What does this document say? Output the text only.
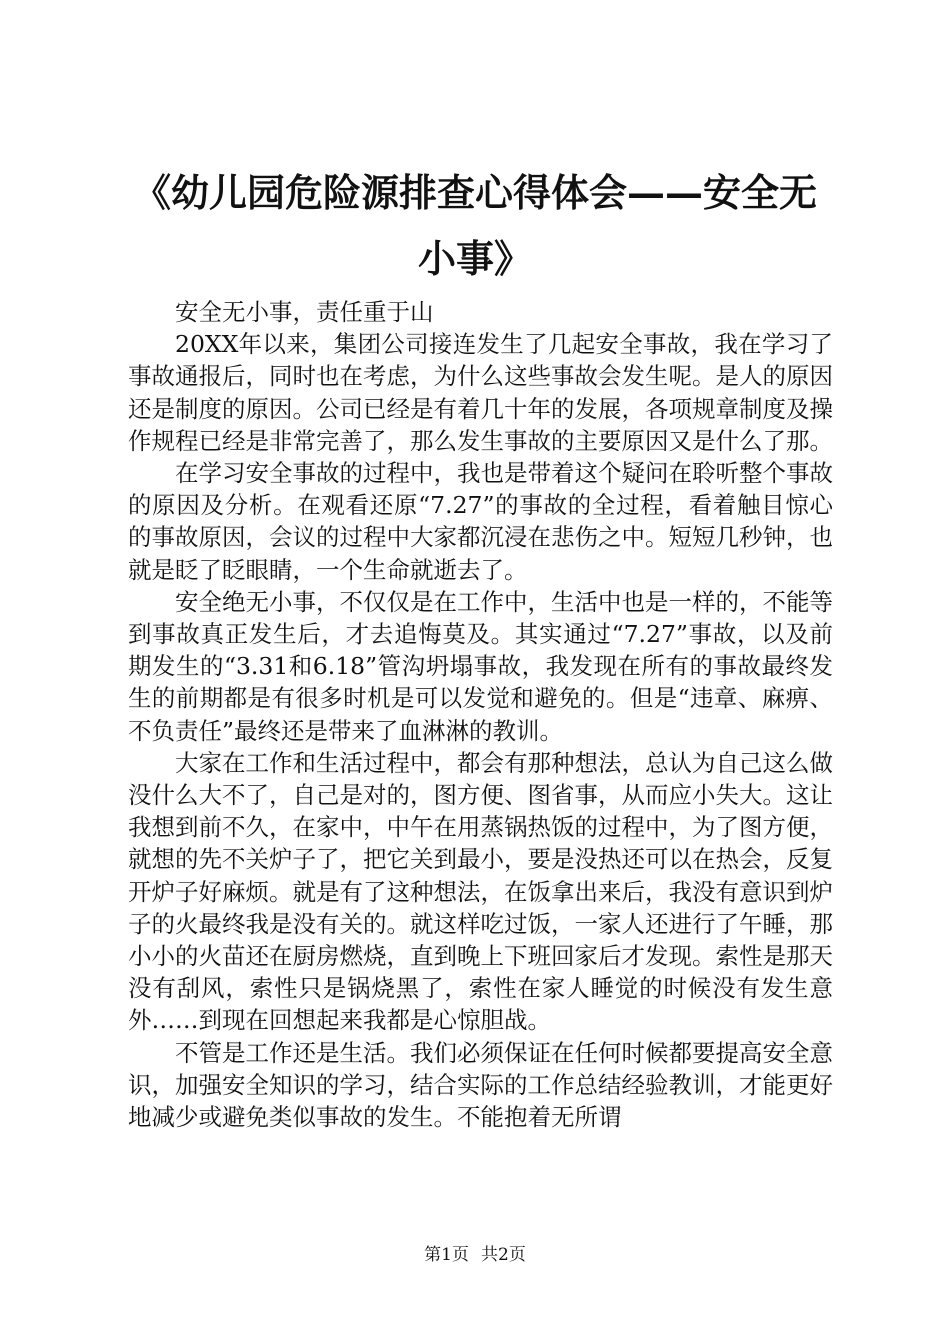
《幼儿园危险源排查心得体会——安全无小事》

安全无小事，责任重于山

20XX年以来，集团公司接连发生了几起安全事故，我在学习了事故通报后，同时也在考虑，为什么这些事故会发生呢。是人的原因还是制度的原因。公司已经是有着几十年的发展，各项规章制度及操作规程已经是非常完善了，那么发生事故的主要原因又是什么了那。

在学习安全事故的过程中，我也是带着这个疑问在聆听整个事故的原因及分析。在观看还原“7.27”的事故的全过程，看着触目惊心的事故原因，会议的过程中大家都沉浸在悲伤之中。短短几秒钟，也就是眨了眨眼睛，一个生命就逝去了。

安全绝无小事，不仅仅是在工作中，生活中也是一样的，不能等到事故真正发生后，才去追悔莫及。其实通过“7.27”事故，以及前期发生的“3.31和6.18”管沟坍塌事故，我发现在所有的事故最终发生的前期都是有很多时机是可以发觉和避免的。但是“违章、麻痹、不负责任”最终还是带来了血淋淋的教训。

大家在工作和生活过程中，都会有那种想法，总认为自己这么做没什么大不了，自己是对的，图方便、图省事，从而应小失大。这让我想到前不久，在家中，中午在用蒸锅热饭的过程中，为了图方便，就想的先不关炉子了，把它关到最小，要是没热还可以在热会，反复开炉子好麻烦。就是有了这种想法，在饭拿出来后，我没有意识到炉子的火最终我是没有关的。就这样吃过饭，一家人还进行了午睡，那小小的火苗还在厨房燃烧，直到晚上下班回家后才发现。索性是那天没有刮风，索性只是锅烧黑了，索性在家人睡觉的时候没有发生意外……到现在回想起来我都是心惊胆战。

不管是工作还是生活。我们必须保证在任何时候都要提高安全意识，加强安全知识的学习，结合实际的工作总结经验教训，才能更好地减少或避免类似事故的发生。不能抱着无所谓

第1页 共2页
